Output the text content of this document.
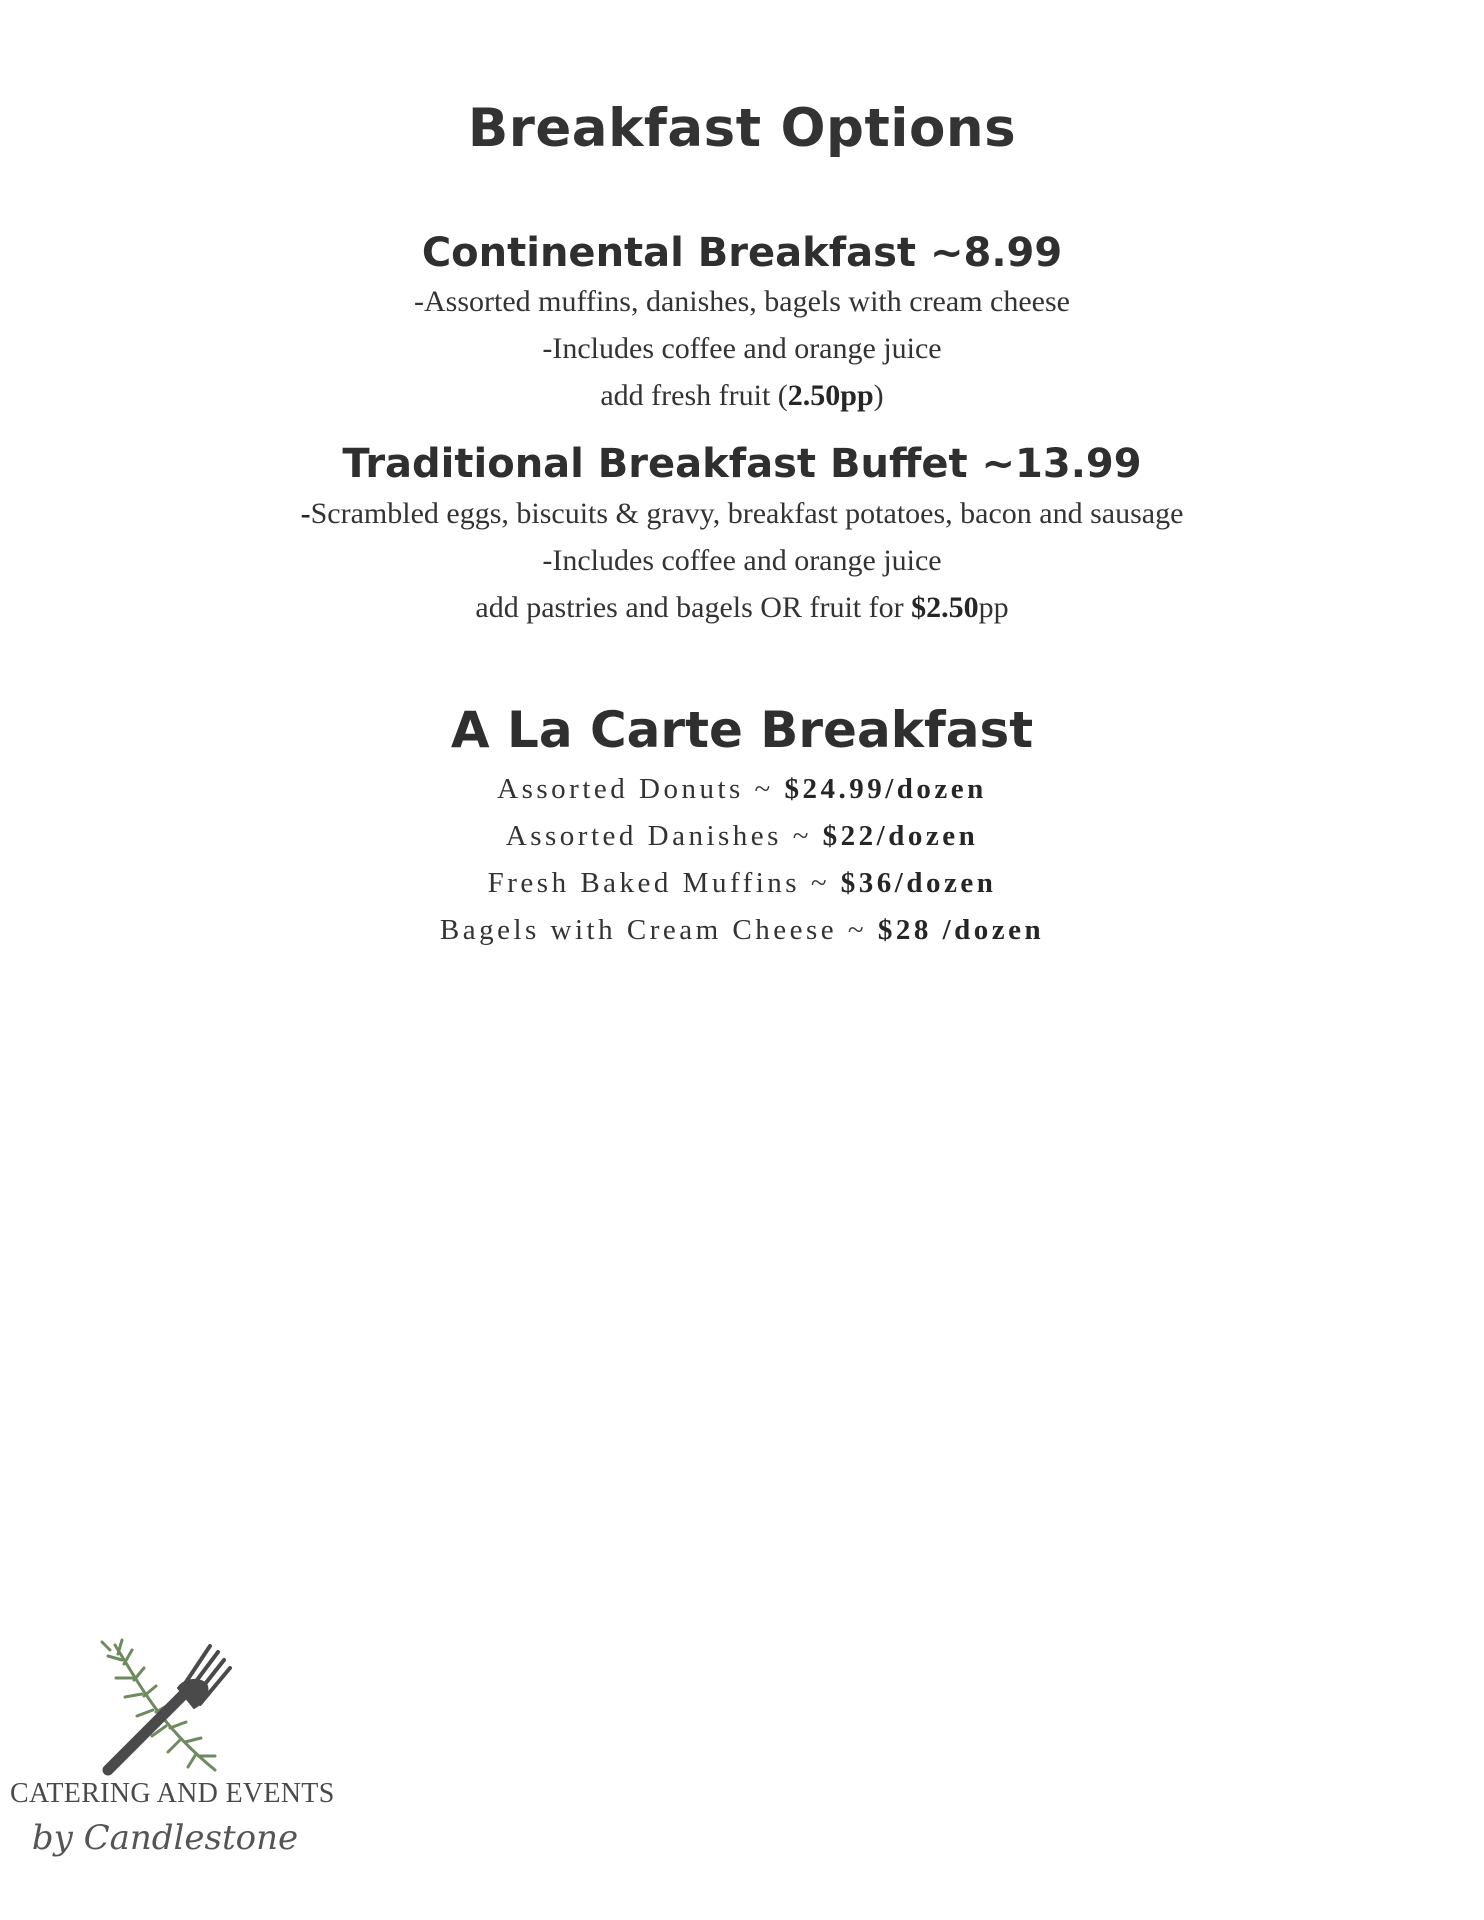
Breakfast Options
Continental Breakfast ~8.99
-Assorted muffins, danishes, bagels with cream cheese
-Includes coffee and orange juice
add fresh fruit (2.50pp)
Traditional Breakfast Buffet ~13.99
-Scrambled eggs, biscuits & gravy, breakfast potatoes, bacon and sausage
-Includes coffee and orange juice
add pastries and bagels OR fruit for $2.50pp
A La Carte Breakfast
Assorted Donuts ~ $24.99/dozen
Assorted Danishes ~ $22/dozen
Fresh Baked Muffins ~ $36/dozen
Bagels with Cream Cheese ~ $28 /dozen
CATERING AND EVENTS
by Candlestone
